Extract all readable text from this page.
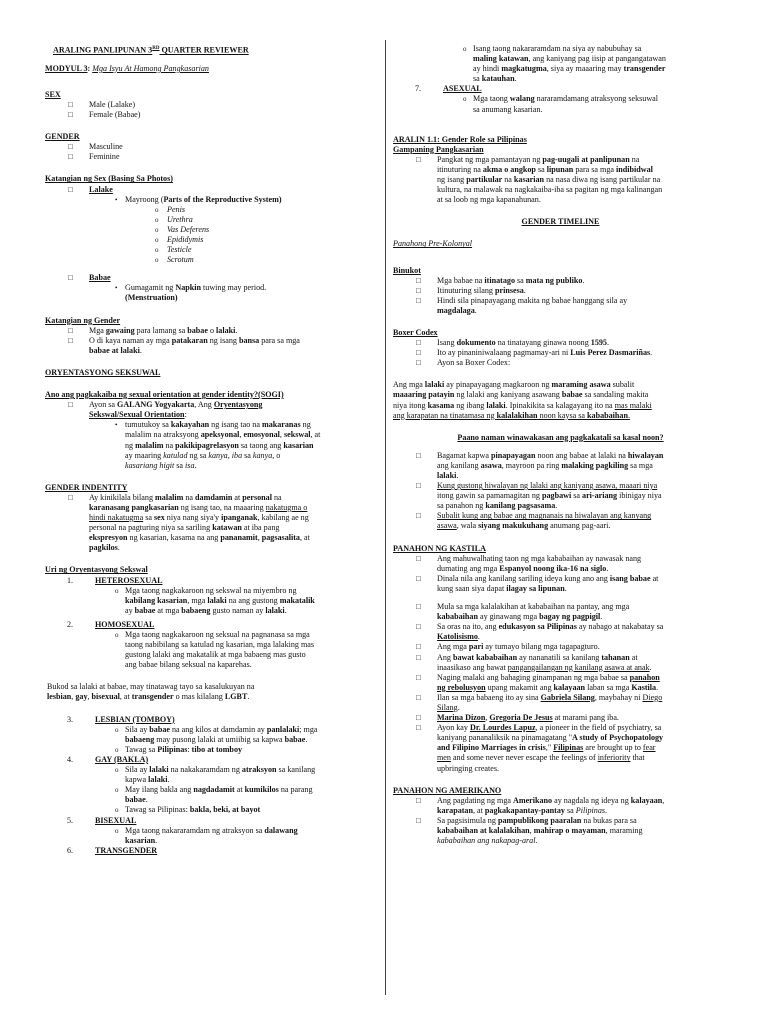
ARALING PANLIPUNAN 3RD QUARTER REVIEWER
MODYUL 3: Mga Isyu At Hamong Pangkasarian
SEX
□ Male (Lalake)
□ Female (Babae)
GENDER
□ Masculine
□ Feminine
Katangian ng Sex (Basing Sa Photos)
□ Lalake
• Mayroong (Parts of the Reproductive System)
o Penis
o Urethra
o Vas Deferens
o Epididymis
o Testicle
o Scrotum
□ Babae
• Gumagamit ng Napkin tuwing may period.
(Menstruation)
Katangian ng Gender
□ Mga gawaing para lamang sa babae o lalaki.
□ O di kaya naman ay mga patakaran ng isang bansa para sa mga
babae at lalaki.
ORYENTASYONG SEKSUWAL
Ano ang pagkakaiba ng sexual orientation at gender identity?(SOGI)
□ Ayon sa GALANG Yogyakarta, Ang Oryentasyong
Sekswal/Sexual Orientation:
• tumutukoy sa kakayahan ng isang tao na makaranas ng
malalim na atraksyong apeksyonal, emosyonal, sekswal, at
ng malalim na pakikipagrelasyon sa taong ang kasarian
ay maaring katulad ng sa kanya, iba sa kanya, o
kasariang higit sa isa.
GENDER INDENTITY
□ Ay kinikilala bilang malalim na damdamin at personal na
karanasang pangkasarian ng isang tao, na maaaring nakatugma o
hindi nakatugma sa sex niya nang siya'y ipanganak, kabilang ae ng
personal na pagturing niya sa sariling katawan at iba pang
ekspresyon ng kasarian, kasama na ang pananamit, pagsasalita, at
pagkilos.
Uri ng Oryentasyong Sekswal
1.	HETEROSEXUAL
o Mga taong nagkakaroon ng sekswal na miyembro ng
kabilang kasarian, mga lalaki na ang gustong makatalik
ay babae at mga babaeng gusto naman ay lalaki.
2.	HOMOSEXUAL
o Mga taong nagkakaroon ng seksual na pagnanasa sa mga
taong nabibilang sa katulad ng kasarian, mga lalaking mas
gustong lalaki ang makatalik at mga babaeng mas gusto
ang babae bilang seksual na kaparehas.
Bukod sa lalaki at babae, may tinatawag tayo sa kasalukuyan na
lesbian, gay, bisexual, at transgender o mas kilalang LGBT.
3.	LESBIAN (TOMBOY)
o Sila ay babae na ang kilos at damdamin ay panlalaki; mga
babaeng may pusong lalaki at umiibig sa kapwa babae.
o Tawag sa Pilipinas: tibo at tomboy
4.	GAY (BAKLA)
o Sila ay lalaki na nakakaramdam ng atraksyon sa kanilang
kapwa lalaki.
o May ilang bakla ang nagdadamit at kumikilos na parang
babae.
o Tawag sa Pilipinas: bakla, beki, at bayot
5.	BISEXUAL
o Mga taong nakararamdam ng atraksyon sa dalawang
kasarian.
6.	TRANSGENDER
o Isang taong nakararamdam na siya ay nabubuhay sa
maling katawan, ang kaniyang pag iisip at pangangatawan
ay hindi magkatugma, siya ay maaaring may transgender
sa katauhan.
7.	ASEXUAL
o Mga taong walang nararamdamang atraksyong seksuwal
sa anumang kasarian.
ARALIN 1.1: Gender Role sa Pilipinas
Gampaning Pangkasarian
□ Pangkat ng mga pamantayan ng pag-uugali at panlipunan na
itinuturing na akma o angkop sa lipunan para sa mga indibidwal
ng isang partikular na kasarian na nasa diwa ng isang partikular na
kultura, na malawak na nagkakaiba-iba sa pagitan ng mga kalinangan
at sa loob ng mga kapanahunan.
GENDER TIMELINE
Panahong Pre-Kolonyal
Binukot
□ Mga babae na itinatago sa mata ng publiko.
□ Itinuturing silang prinsesa.
□ Hindi sila pinapayagang makita ng babae hanggang sila ay
magdalaga.
Boxer Codex
□ Isang dokumento na tinatayang ginawa noong 1595.
□ Ito ay pinaniniwalaang pagmamay-ari ni Luis Perez Dasmariñas.
□ Ayon sa Boxer Codex:
Ang mga lalaki ay pinapayagang magkaroon ng maraming asawa subalit
maaaring patayin ng lalaki ang kaniyang asawang babae sa sandaling makita
niya itong kasama ng ibang lalaki. Ipinakikita sa kalagayang ito na mas malaki
ang karapatan na tinatamasa ng kalalakihan noon kaysa sa kababaihan.
Paano naman winawakasan ang pagkakatali sa kasal noon?
□ Bagamat kapwa pinapayagan noon ang babae at lalaki na hiwalayan
ang kanilang asawa, mayroon pa ring malaking pagkiling sa mga
lalaki.
□ Kung gustong hiwalayan ng lalaki ang kaniyang asawa, maaari niya
itong gawin sa pamamagitan ng pagbawi sa ari-ariang ibinigay niya
sa panahon ng kanilang pagsasama.
□ Subalit kung ang babae ang magnanais na hiwalayan ang kanyang
asawa, wala siyang makukuhang anumang pag-aari.
PANAHON NG KASTILA
□ Ang mahuwalhating taon ng mga kababaihan ay nawasak nang
dumating ang mga Espanyol noong ika-16 na siglo.
□ Dinala nila ang kanilang sariling ideya kung ano ang isang babae at
kung saan siya dapat ilagay sa lipunan.
□ Mula sa mga kalalakihan at kababaihan na pantay, ang mga
kababaihan ay ginawang mga bagay ng pagpigil.
□ Sa oras na ito, ang edukasyon sa Pilipinas ay nabago at nakabatay sa
Katolisismo.
□ Ang mga pari ay tumayo bilang mga tagapagturo.
□ Ang bawat kababaihan ay nananatili sa kanilang tahanan at
inaasikaso ang bawat pangangailangan ng kanilang asawa at anak.
□ Naging malaki ang bahaging ginampanan ng mga babae sa panahon
ng rebolusyon upang makamit ang kalayaan laban sa mga Kastila.
□ Ilan sa mga babaeng ito ay sina Gabriela Silang, maybahay ni Diego
Silang.
□ Marina Dizon, Gregoria De Jesus at marami pang iba.
□ Ayon kay Dr. Lourdes Lapuz, a pioneer in the field of psychiatry, sa
kaniyang pananaliksik na pinamagatang "A study of Psychopatology
and Filipino Marriages in crisis," Filipinas are brought up to fear
men and some never never escape the feelings of inferiority that
upbringing creates.
PANAHON NG AMERIKANO
□ Ang pagdating ng mga Amerikano ay nagdala ng ideya ng kalayaan,
karapatan, at pagkakapantay-pantay sa Pilipinas.
□ Sa pagsisimula ng pampublikong paaralan na bukas para sa
kababaihan at kalalakihan, mahirap o mayaman, maraming
kababaihan ang nakapag-aral.
